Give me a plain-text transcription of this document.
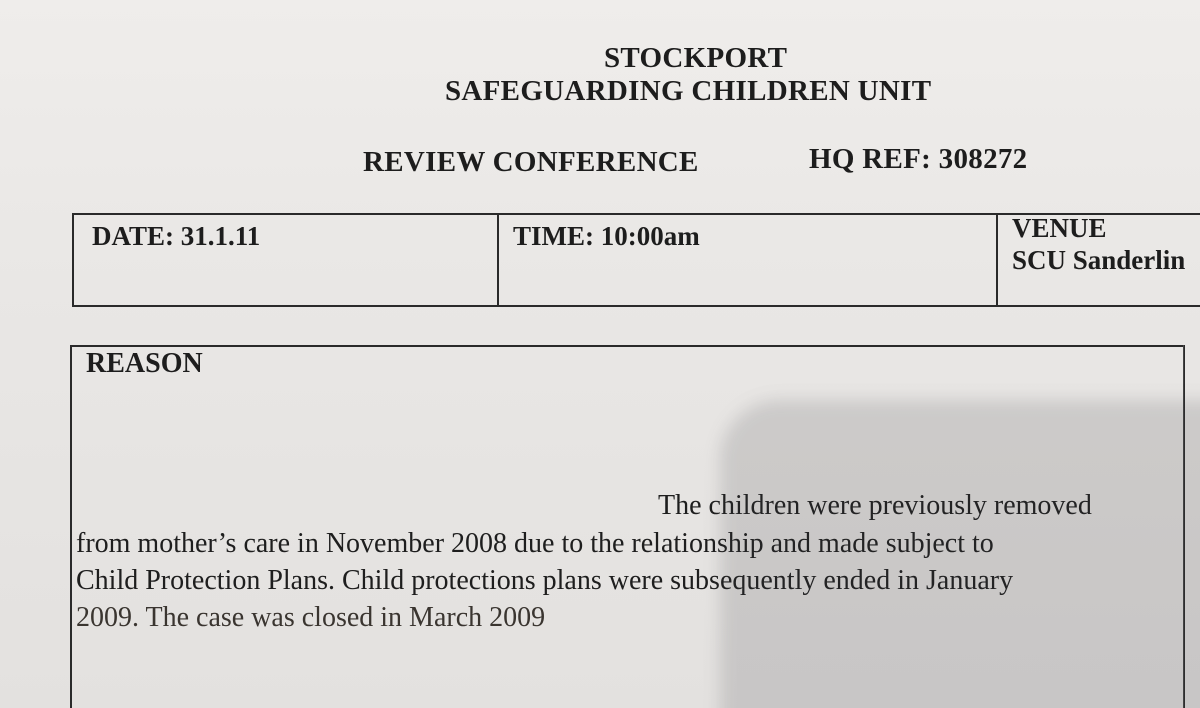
STOCKPORT
SAFEGUARDING CHILDREN UNIT
REVIEW CONFERENCE	HQ REF: 308272
DATE: 31.1.11	TIME: 10:00am	VENUE
SCU Sanderlin
REASON
The children were previously removed
from mother’s care in November 2008 due to the relationship and made subject to
Child Protection Plans. Child protections plans were subsequently ended in January
2009. The case was closed in March 2009
